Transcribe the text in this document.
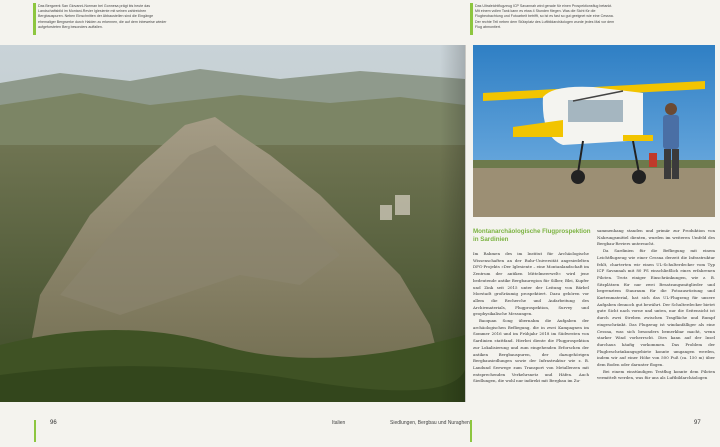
Das Bergwerk San Giovanni-Norman bei Gonnesa prägt bis heute das Landschaftsbild im Montani-Revier Iglesiente mit seinen zahlreichen Bergbauspuren. Neben Einschnitten der Abbaustellen sind die Eingänge ehemaliger Bergwerke durch Halden zu erkennen, die auf dem inbeweise wieder aufgeforsteten Berg besonders auffallen.
Das Ultraleichtflugzeug ICP Savannah wird gerade für einen Prospektionsflug betankt. Mit einem vollen Tank kann es etwa 4 Stunden fliegen. Was die Sicht für die Flugbeobachtung und Fotoarbeit betrifft, so ist es fast so gut geeignet wie eine Cessna. Der rechte Teil neben dem Stützplatz des Luftbildarchäologen wurde jedes Mal vor dem Flug abmontiert.
Montanarchäologische Flugprospektion in Sardinien

Im Rahmen des im Institut für Archäologische Wissenschaften an der Ruhr-Universität angesiedelten DFG-Projekts »Der Iglesiente – eine Montanlandschaft im Zentrum der antiken Mittelmeerwelt« wird jene bedeutende antike Bergbauregion für Silber, Blei, Kupfer und Zink seit 2015 unter der Leitung von Bärbel Morstadt großräumig prospektiert. Dazu gehören vor allem die Recherche und Aufarbeitung des Archivmaterials, Flugprospektion, Survey und geophysikalische Messungen.

Baoquan Song übernahm die Aufgaben der archäologischen Befliegung, die in zwei Kampagnen im Sommer 2016 und im Frühjahr 2018 im Südwesten von Sardinien stattfand. Hierbei diente die Flugprospektion zur Lokalisierung und zum eingehenden Erforschen der antiken Bergbauspuren, der dazugehörigen Bergbausiedlungen sowie der Infrastruktur wie z. B. Landund Seewege zum Transport von Metallerzen mit entsprechenden Verkehrsnetz und Häfen. Auch Siedlungen, die wohl nur indirekt mit Bergbau im Zu-

sammenhang standen und primär zur Produktion von Nahrungsmittel dienten, wurden im weiteren Umfeld des Bergbau-Reviers untersucht.

Da Sardinien für die Befliegung mit einem Leichtflugzeug wie einer Cessna derzeit die Infrastruktur fehlt, charterten wir einen UL-Schulterdecker vom Typ ICP Savannah mit 80 PS einschließlich eines erfahrenen Piloten. Trotz einiger Einschränkungen, wie z. B. Sitzplätzen für nur zwei Besatzungsmitglieder und begrenztem Stauraum für die Fotoausrüstung und Kartenmaterial, hat sich das UL-Flugzeug für unsere Aufgaben dennoch gut bewährt. Der Schulterdecker bietet gute Sicht nach vorne und unten, nur die Seitensicht ist durch zwei Streben zwischen Tragfläche und Rumpf eingeschränkt. Das Flugzeug ist windanfälliger als eine Cessna, was sich besonders bemerkbar macht, wenn starker Wind vorherrscht. Dies kann auf der Insel durchaus häufig vorkommen. Das Problem der Flugbeschränkungsgebiete konnte umgangen werden, indem wir auf einer Höhe von 500 Fuß (ca. 150 m) über dem Boden oder darunter flogen.

Bei einem einstündigen Testflug konnte dem Piloten vermittelt werden, was für uns als Luftbildarchäologen

96	Italien	Siedlungen, Bergbau und Nuraghen	97
